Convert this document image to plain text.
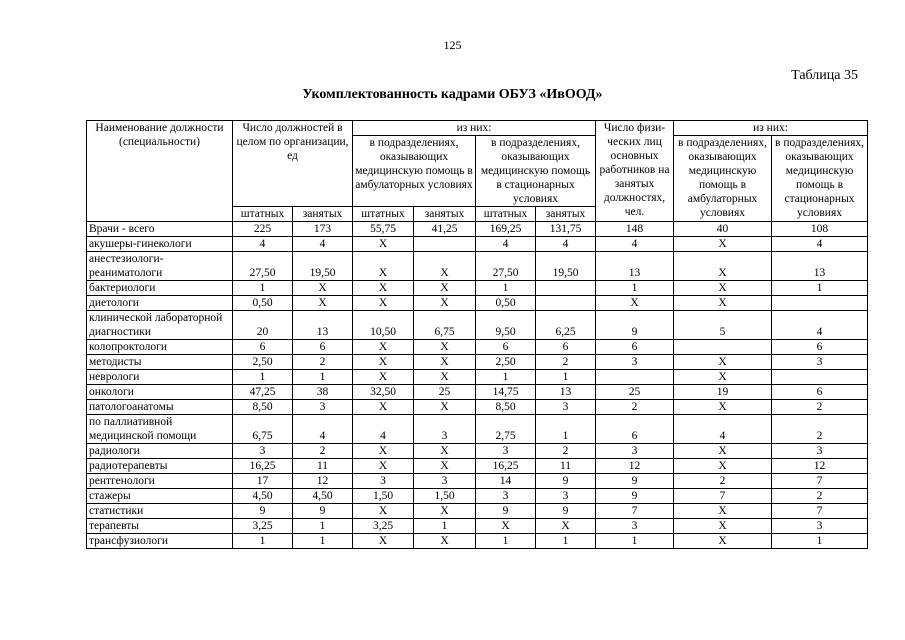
125
Таблица 35
Укомплектованность кадрами ОБУЗ «ИвООД»
Наименование должности (специальности)	Число должностей в целом по организации, ед		из них:				Число физи-ческих лиц основных работников на занятых должностях, чел.	из них:	
			в подразделениях, оказывающих медицинскую помощь в амбулаторных условиях		в подразделениях, оказывающих медицинскую помощь в стационарных условиях			в подразделениях, оказывающих медицинскую помощь в амбулаторных условиях	в подразделениях, оказывающих медицинскую помощь в стационарных условиях
	штатных	занятых	штатных	занятых	штатных	занятых			
Врачи - всего	225	173	55,75	41,25	169,25	131,75	148	40	108
акушеры-гинекологи	4	4	X		4	4	4	X	4
анестезиологи- реаниматологи	27,50	19,50	X	X	27,50	19,50	13	X	13
бактериологи	1	X	X	X	1		1	X	1
диетологи	0,50	X	X	X	0,50		X	X	
клинической лабораторной диагностики	20	13	10,50	6,75	9,50	6,25	9	5	4
колопроктологи	6	6	X	X	6	6	6		6
методисты	2,50	2	X	X	2,50	2	3	X	3
неврологи	1	1	X	X	1	1		X	
онкологи	47,25	38	32,50	25	14,75	13	25	19	6
патологоанатомы	8,50	3	X	X	8,50	3	2	X	2
по паллиативной медицинской помощи	6,75	4	4	3	2,75	1	6	4	2
радиологи	3	2	X	X	3	2	3	X	3
радиотерапевты	16,25	11	X	X	16,25	11	12	X	12
рентгенологи	17	12	3	3	14	9	9	2	7
стажеры	4,50	4,50	1,50	1,50	3	3	9	7	2
статистики	9	9	X	X	9	9	7	X	7
терапевты	3,25	1	3,25	1	X	X	3	X	3
трансфузиологи	1	1	X	X	1	1	1	X	1
